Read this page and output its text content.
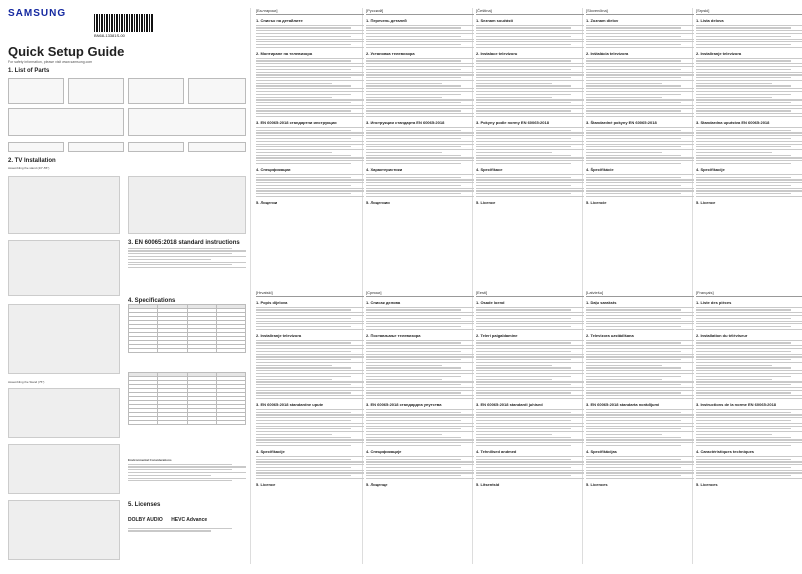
SAMSUNG
BN68-13381S-00
Quick Setup Guide
For safety information, please visit www.samsung.com
1. List of Parts
2. TV Installation
Assembling the stand (43"-55")
3. EN 60065:2018 standard instructions
4. Specifications

Assembling the Stand (75")

Environmental Considerations
5. Licenses
DOLBY AUDIO HEVC Advance
[Български]
1. Списък на детайлите
2. Монтиране на телевизора
3. EN 60065:2018 стандартни инструкции
4. Спецификации
5. Лицензи
[Hrvatski]
1. Popis dijelova
2. Instaliranje televizora
3. EN 60065:2018 standardne upute
4. Specifikacije
5. Licence
[Русский]
1. Перечень деталей
2. Установка телевизора
3. Инструкции стандарта EN 60065:2018
4. Характеристики
5. Лицензии
[Српски]
1. Списак делова
2. Постављање телевизора
3. EN 60065:2018 стандардна упутства
4. Спецификације
5. Лиценце
[Čeština]
1. Seznam součástí
2. Instalace televizoru
3. Pokyny podle normy EN 60065:2018
4. Specifikace
5. Licence
[Eesti]
1. Osade loend
2. Teleri paigaldamine
3. EN 60065:2018 standardi juhised
4. Tehnilised andmed
5. Litsentsid
[Slovenčina]
1. Zoznam dielov
2. Inštalácia televízora
3. Štandardné pokyny EN 60065:2018
4. Špecifikácie
5. Licencie
[Latviešu]
1. Daļu saraksts
2. Televizora uzstādīšana
3. EN 60065:2018 standarta norādījumi
4. Specifikācijas
5. Licences
[Srpski]
1. Lista delova
2. Instaliranje televizora
3. Standardna uputstva EN 60065:2018
4. Specifikacije
5. Licence
[Français]
1. Liste des pièces
2. Installation du téléviseur
3. Instructions de la norme EN 60065:2018
4. Caractéristiques techniques
5. Licences
